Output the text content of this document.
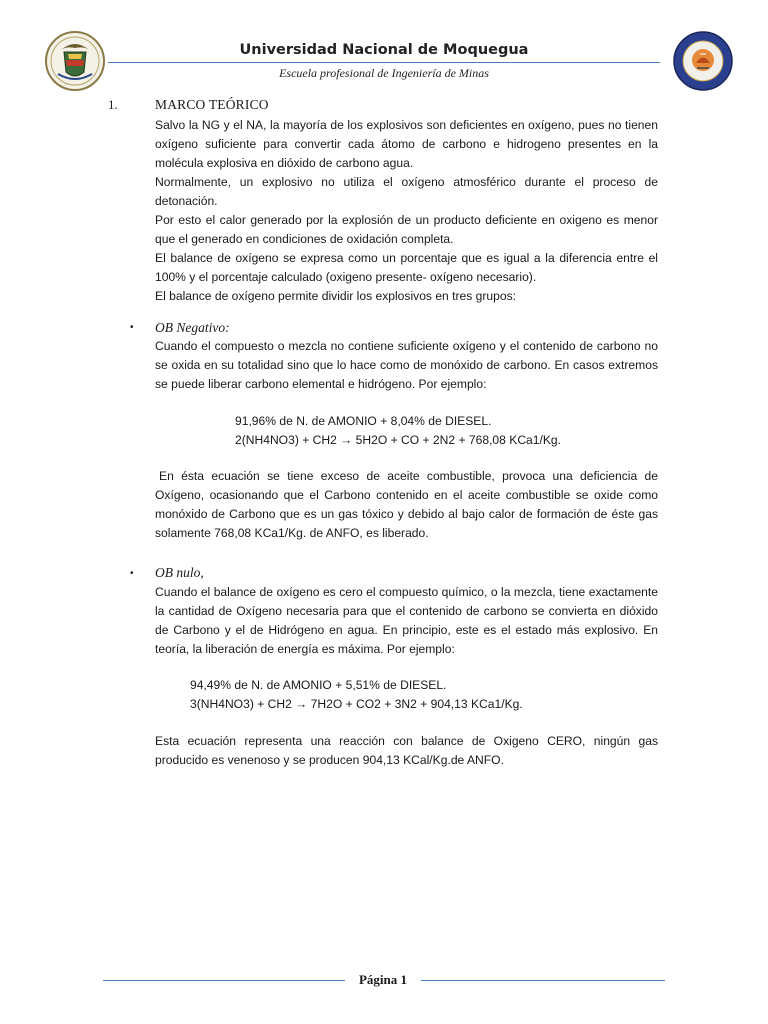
Universidad Nacional de Moquegua
Escuela profesional de Ingeniería de Minas
1.	MARCO TEÓRICO
Salvo la NG y el NA, la mayoría de los explosivos son deficientes en oxígeno, pues no tienen oxígeno suficiente para convertir cada átomo de carbono e hidrogeno presentes en la molécula explosiva en dióxido de carbono agua.
Normalmente, un explosivo no utiliza el oxígeno atmosférico durante el proceso de detonación.
Por esto el calor generado por la explosión de un producto deficiente en oxigeno es menor que el generado en condiciones de oxidación completa.
El balance de oxígeno se expresa como un porcentaje que es igual a la diferencia entre el 100% y el porcentaje calculado (oxigeno presente- oxígeno necesario).
El balance de oxígeno permite dividir los explosivos en tres grupos:
• OB Negativo:
Cuando el compuesto o mezcla no contiene suficiente oxígeno y el contenido de carbono no se oxida en su totalidad sino que lo hace como de monóxido de carbono. En casos extremos se puede liberar carbono elemental e hidrógeno. Por ejemplo:
91,96% de N. de AMONIO + 8,04% de DIESEL.
2(NH4NO3) + CH2 → 5H2O + CO + 2N2 + 768,08 KCa1/Kg.
En ésta ecuación se tiene exceso de aceite combustible, provoca una deficiencia de Oxígeno, ocasionando que el Carbono contenido en el aceite combustible se oxide como monóxido de Carbono que es un gas tóxico y debido al bajo calor de formación de éste gas solamente 768,08 KCa1/Kg. de ANFO, es liberado.
• OB nulo,
Cuando el balance de oxígeno es cero el compuesto químico, o la mezcla, tiene exactamente la cantidad de Oxígeno necesaria para que el contenido de carbono se convierta en dióxido de Carbono y el de Hidrógeno en agua. En principio, este es el estado más explosivo. En teoría, la liberación de energía es máxima. Por ejemplo:
94,49% de N. de AMONIO + 5,51% de DIESEL.
3(NH4NO3) + CH2 → 7H2O + CO2 + 3N2 + 904,13 KCa1/Kg.
Esta ecuación representa una reacción con balance de Oxigeno CERO, ningún gas producido es venenoso y se producen 904,13 KCal/Kg.de ANFO.
Página 1
